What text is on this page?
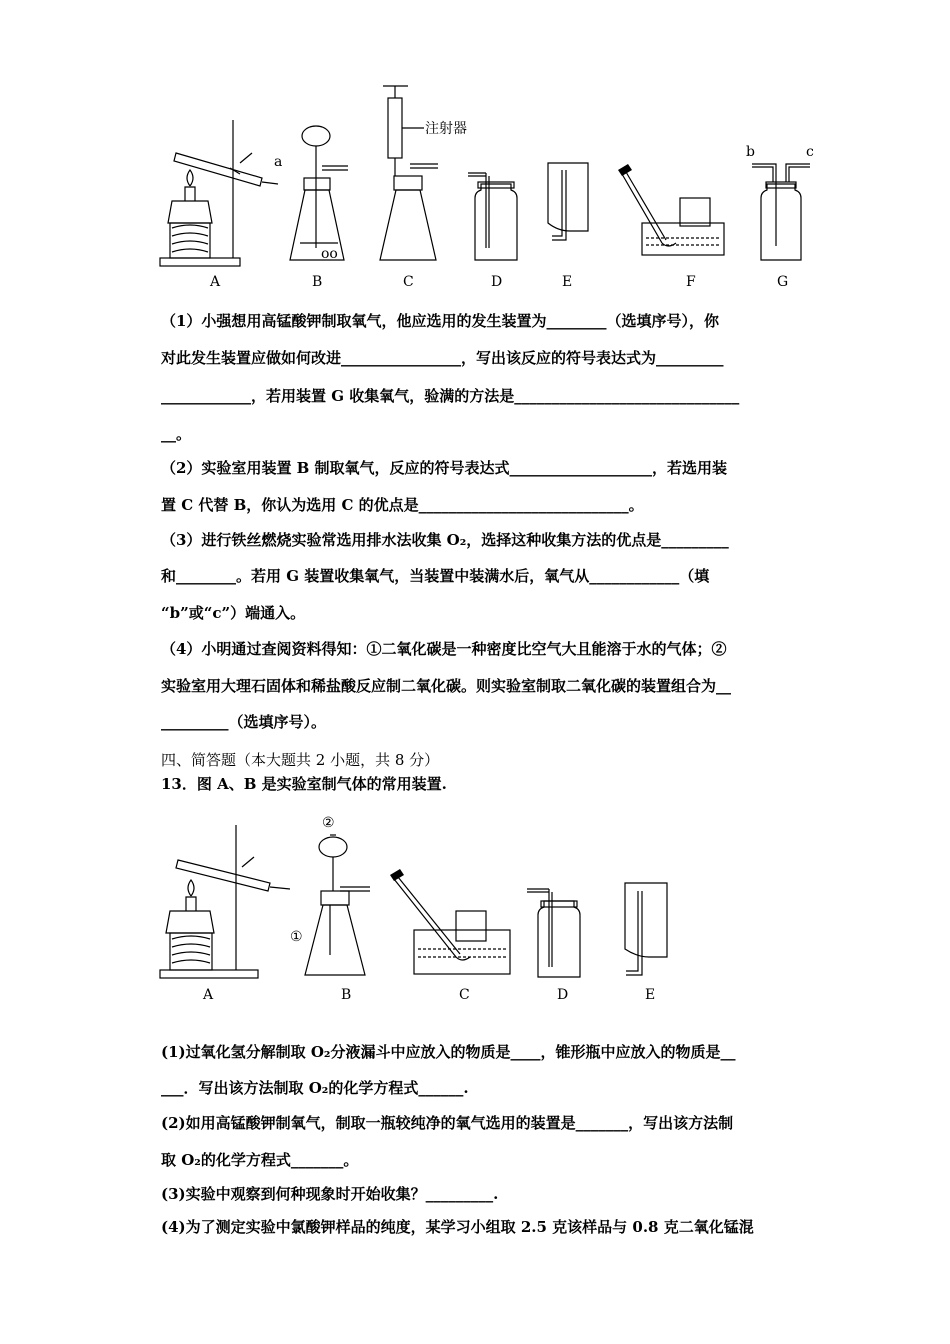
a
oo
注射器
b	c
A	B	C	D	E	F	G
（1）小强想用高锰酸钾制取氧气，他应选用的发生装置为________（选填序号），你
对此发生装置应做如何改进________________，写出该反应的符号表达式为_________
____________，若用装置 G 收集氧气，验满的方法是______________________________
__。
（2）实验室用装置 B 制取氧气，反应的符号表达式___________________，若选用装
置 C 代替 B，你认为选用 C 的优点是____________________________。
（3）进行铁丝燃烧实验常选用排水法收集 O₂，选择这种收集方法的优点是_________
和________。若用 G 装置收集氧气，当装置中装满水后，氧气从____________（填
“b”或“c”）端通入。
（4）小明通过查阅资料得知：①二氧化碳是一种密度比空气大且能溶于水的气体；②
实验室用大理石固体和稀盐酸反应制二氧化碳。则实验室制取二氧化碳的装置组合为__
_________（选填序号）。
四、简答题（本大题共 2 小题，共 8 分）
13．图 A、B 是实验室制气体的常用装置.
②
①
A	B	C	D	E
(1)过氧化氢分解制取 O₂分液漏斗中应放入的物质是____，锥形瓶中应放入的物质是__
___．写出该方法制取 O₂的化学方程式______.
(2)如用高锰酸钾制氧气，制取一瓶较纯净的氧气选用的装置是_______，写出该方法制
取 O₂的化学方程式_______。
(3)实验中观察到何种现象时开始收集？_________.
(4)为了测定实验中氯酸钾样品的纯度，某学习小组取 2.5 克该样品与 0.8 克二氧化锰混
